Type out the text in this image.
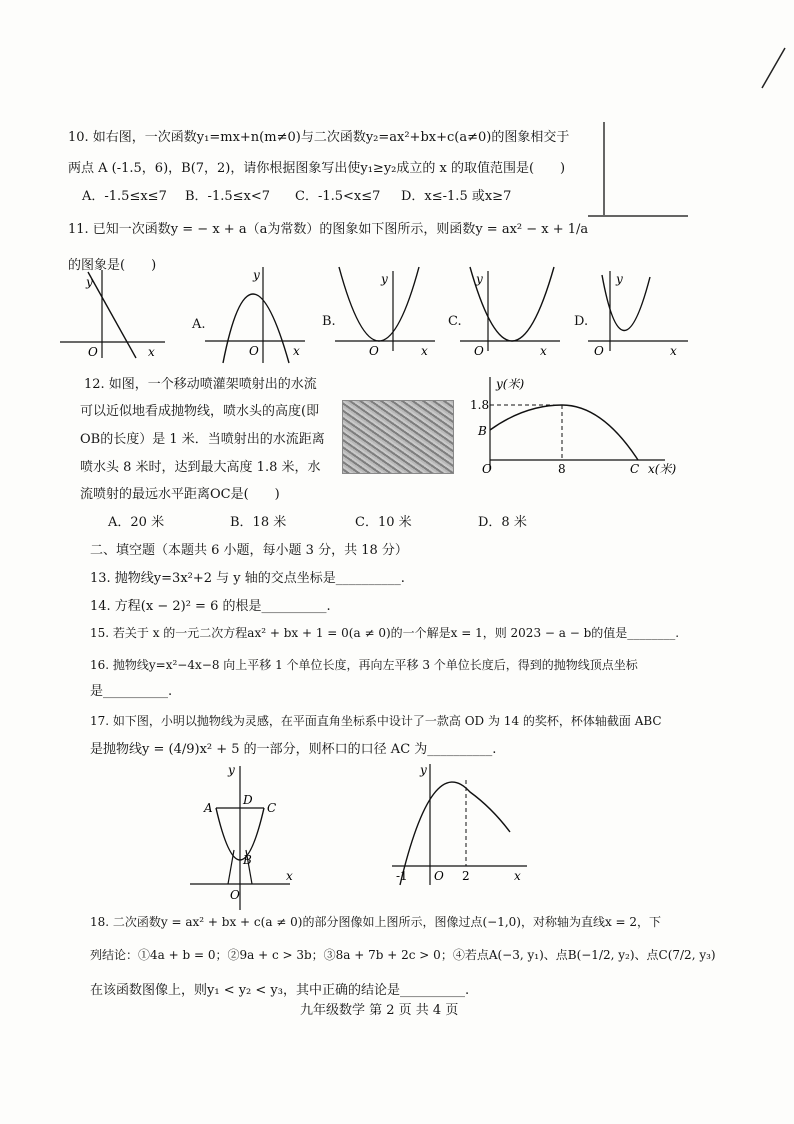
10. 如右图，一次函数y₁=mx+n(m≠0)与二次函数y₂=ax²+bx+c(a≠0)的图象相交于
两点 A (-1.5，6)，B(7，2)，请你根据图象写出使y₁≥y₂成立的 x 的取值范围是(　　)
A．-1.5≤x≤7 B．-1.5≤x<7 C．-1.5<x≤7 D．x≤-1.5 或x≥7
11. 已知一次函数y = − x + a（a为常数）的图象如下图所示，则函数y = ax² − x + 1/a
的图象是(　　)
y
O	x
A.
y
O	x
B.
y
O	x
C.
y
O	x
D.
y
O	x
12. 如图，一个移动喷灌架喷射出的水流
可以近似地看成抛物线，喷水头的高度(即
OB的长度）是 1 米．当喷射出的水流距离
喷水头 8 米时，达到最大高度 1.8 米，水
流喷射的最远水平距离OC是(　　)
y(米)
1.8
B
O	8	C x(米)
A．20 米	B．18 米	C．10 米	D．8 米
二、填空题（本题共 6 小题，每小题 3 分，共 18 分）
13. 抛物线y=3x²+2 与 y 轴的交点坐标是__________.
14. 方程(x − 2)² = 6 的根是__________.
15. 若关于 x 的一元二次方程ax² + bx + 1 = 0(a ≠ 0)的一个解是x = 1，则 2023 − a − b的值是________.
16. 抛物线y=x²−4x−8 向上平移 1 个单位长度，再向左平移 3 个单位长度后，得到的抛物线顶点坐标
是__________.
17. 如下图，小明以抛物线为灵感，在平面直角坐标系中设计了一款高 OD 为 14 的奖杯，杯体轴截面 ABC
是抛物线y = (4/9)x² + 5 的一部分，则杯口的口径 AC 为__________.
y
A
D
C
B
O
x
y
-1 O 2	x
18. 二次函数y = ax² + bx + c(a ≠ 0)的部分图像如上图所示，图像过点(−1,0)，对称轴为直线x = 2，下
列结论：①4a + b = 0；②9a + c > 3b；③8a + 7b + 2c > 0；④若点A(−3, y₁)、点B(−1/2, y₂)、点C(7/2, y₃)
在该函数图像上，则y₁ < y₂ < y₃，其中正确的结论是__________.
九年级数学 第 2 页 共 4 页
